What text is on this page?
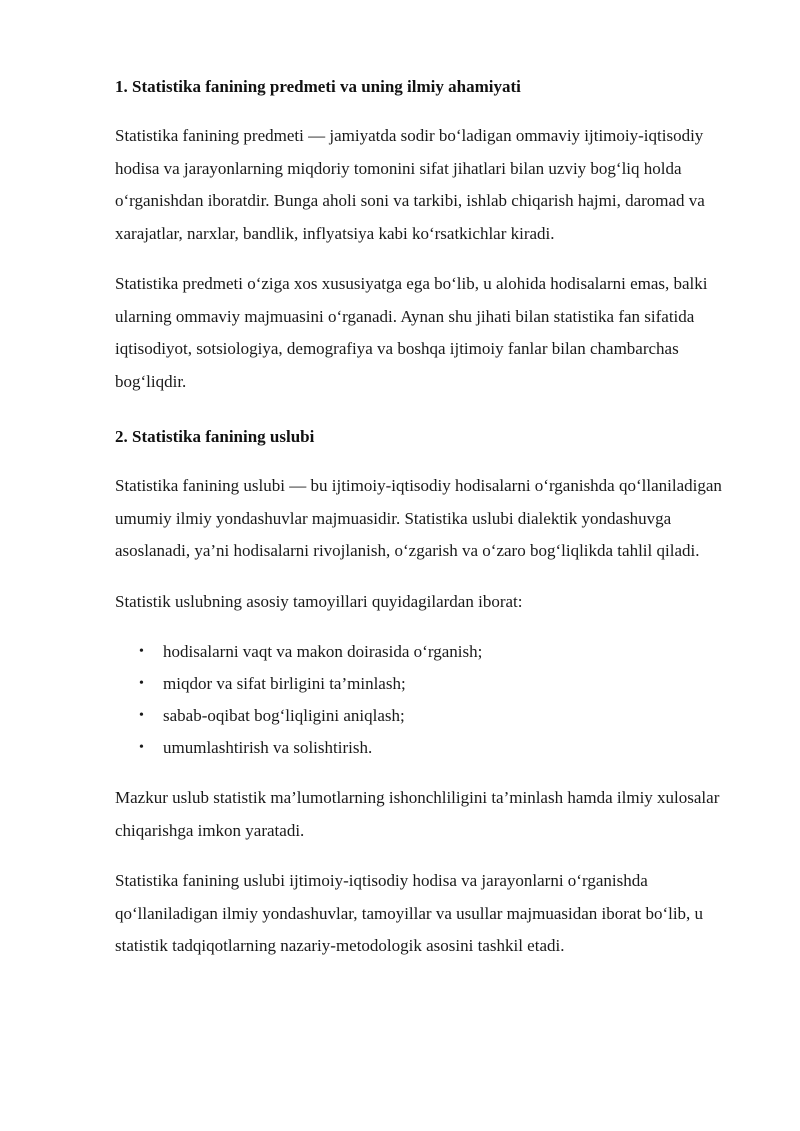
1. Statistika fanining predmeti va uning ilmiy ahamiyati

Statistika fanining predmeti — jamiyatda sodir bo‘ladigan ommaviy ijtimoiy-iqtisodiy hodisa va jarayonlarning miqdoriy tomonini sifat jihatlari bilan uzviy bog‘liq holda o‘rganishdan iboratdir. Bunga aholi soni va tarkibi, ishlab chiqarish hajmi, daromad va xarajatlar, narxlar, bandlik, inflyatsiya kabi ko‘rsatkichlar kiradi.

Statistika predmeti o‘ziga xos xususiyatga ega bo‘lib, u alohida hodisalarni emas, balki ularning ommaviy majmuasini o‘rganadi. Aynan shu jihati bilan statistika fan sifatida iqtisodiyot, sotsiologiya, demografiya va boshqa ijtimoiy fanlar bilan chambarchas bog‘liqdir.

2. Statistika fanining uslubi

Statistika fanining uslubi — bu ijtimoiy-iqtisodiy hodisalarni o‘rganishda qo‘llaniladigan umumiy ilmiy yondashuvlar majmuasidir. Statistika uslubi dialektik yondashuvga asoslanadi, ya’ni hodisalarni rivojlanish, o‘zgarish va o‘zaro bog‘liqlikda tahlil qiladi.

Statistik uslubning asosiy tamoyillari quyidagilardan iborat:

• hodisalarni vaqt va makon doirasida o‘rganish;
• miqdor va sifat birligini ta’minlash;
• sabab-oqibat bog‘liqligini aniqlash;
• umumlashtirish va solishtirish.

Mazkur uslub statistik ma’lumotlarning ishonchliligini ta’minlash hamda ilmiy xulosalar chiqarishga imkon yaratadi.

Statistika fanining uslubi ijtimoiy-iqtisodiy hodisa va jarayonlarni o‘rganishda qo‘llaniladigan ilmiy yondashuvlar, tamoyillar va usullar majmuasidan iborat bo‘lib, u statistik tadqiqotlarning nazariy-metodologik asosini tashkil etadi.
